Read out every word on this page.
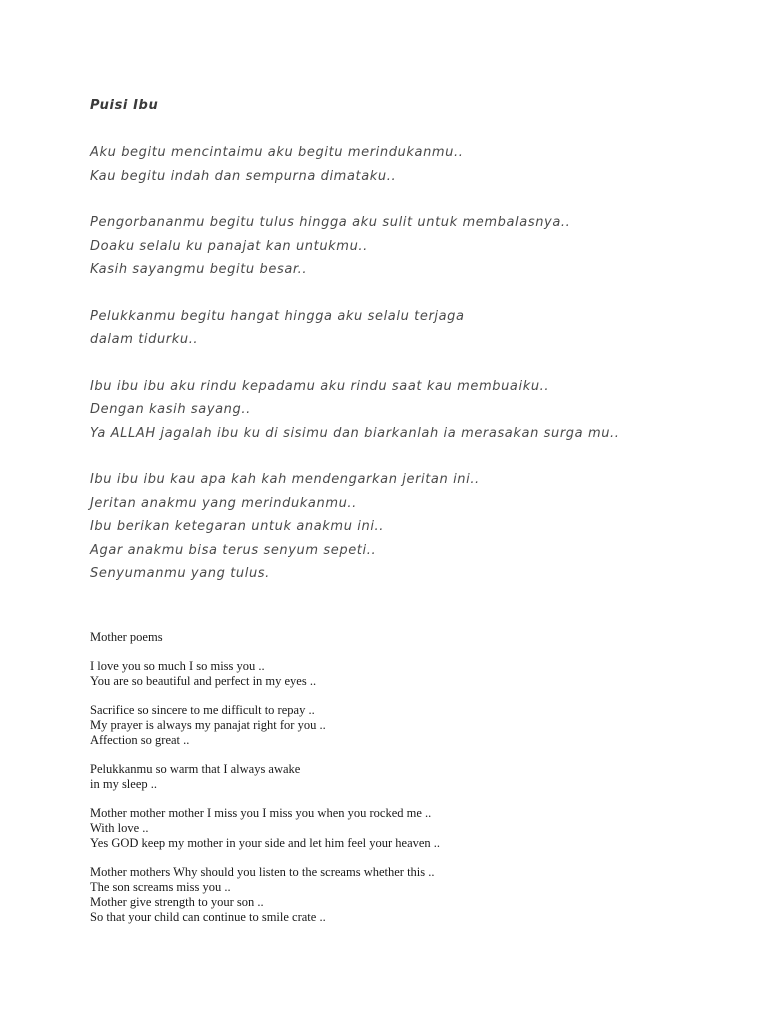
Puisi Ibu
Aku begitu mencintaimu aku begitu merindukanmu..
Kau begitu indah dan sempurna dimataku..
Pengorbananmu begitu tulus hingga aku sulit untuk membalasnya..
Doaku selalu ku panajat kan untukmu..
Kasih sayangmu begitu besar..
Pelukkanmu begitu hangat hingga aku selalu terjaga
dalam tidurku..
Ibu ibu ibu aku rindu kepadamu aku rindu saat kau membuaiku..
Dengan kasih sayang..
Ya ALLAH jagalah ibu ku di sisimu dan biarkanlah ia merasakan surga mu..
Ibu ibu ibu kau apa kah kah mendengarkan jeritan ini..
Jeritan anakmu yang merindukanmu..
Ibu berikan ketegaran untuk anakmu ini..
Agar anakmu bisa terus senyum sepeti..
Senyumanmu yang tulus.
Mother poems
I love you so much I so miss you ..
You are so beautiful and perfect in my eyes ..
Sacrifice so sincere to me difficult to repay ..
My prayer is always my panajat right for you ..
Affection so great ..
Pelukkanmu so warm that I always awake
in my sleep ..
Mother mother mother I miss you I miss you when you rocked me ..
With love ..
Yes GOD keep my mother in your side and let him feel your heaven ..
Mother mothers Why should you listen to the screams whether this ..
The son screams miss you ..
Mother give strength to your son ..
So that your child can continue to smile crate ..
